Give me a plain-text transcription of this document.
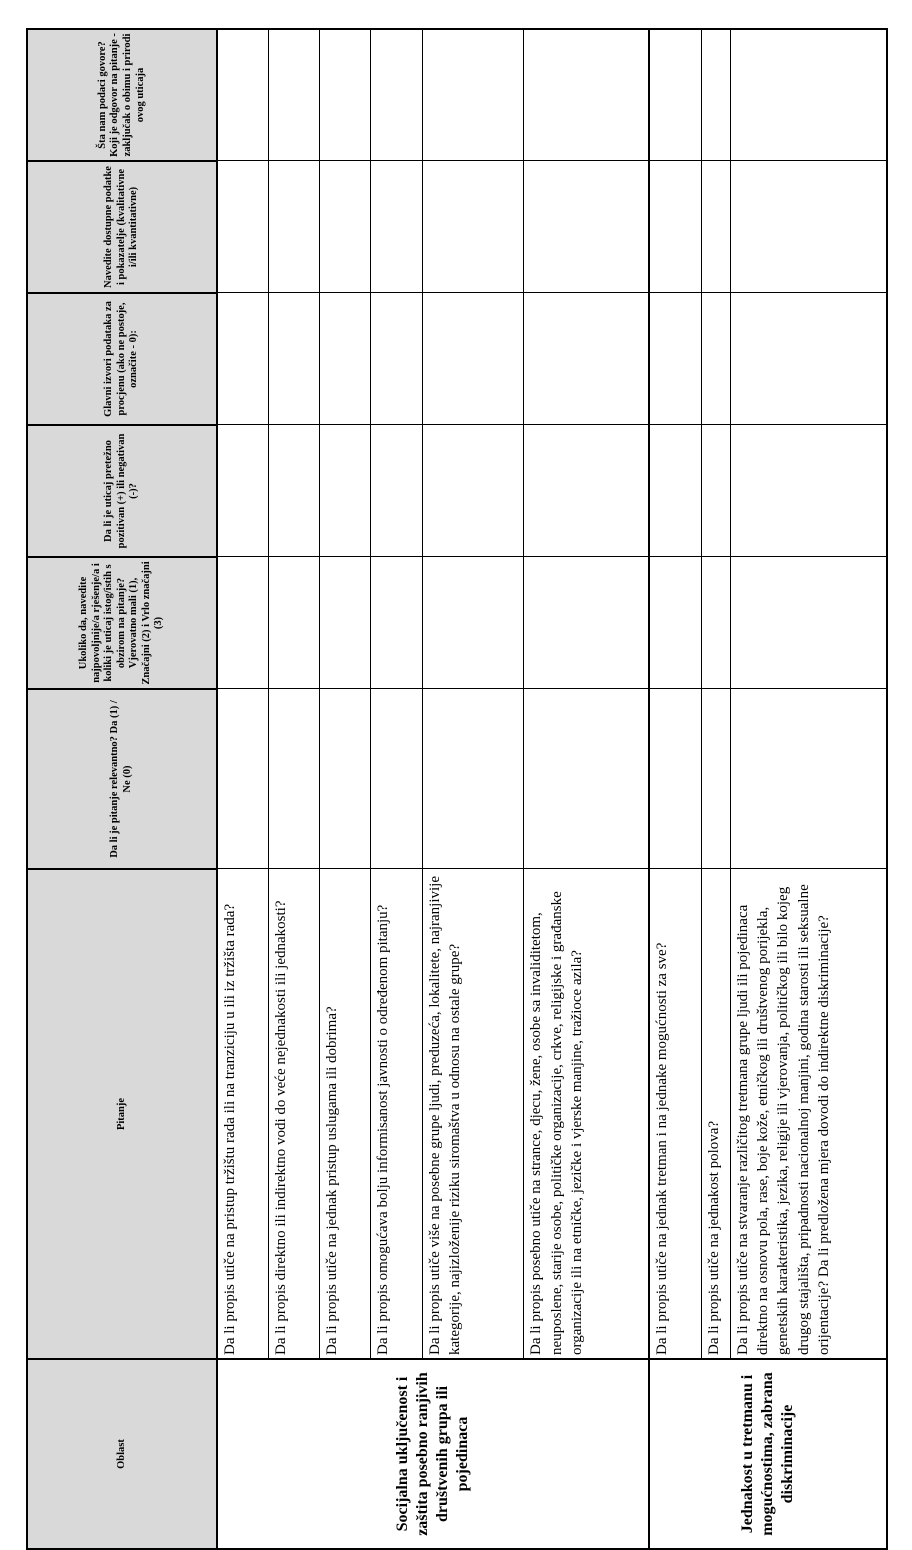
Oblast	Pitanje	Da li je pitanje relevantno? Da (1) / Ne (0)	Ukoliko da, navedite najpovoljnije/a rješenje/a i koliki je uticaj istog/istih s obzirom na pitanje? Vjerovatno mali (1), Značajni (2) i Vrlo značajni (3)	Da li je uticaj pretežno pozitivan (+) ili negativan (-)?	Glavni izvori podataka za procjenu (ako ne postoje, označite - 0):	Navedite dostupne podatke i pokazatelje (kvalitativne i/ili kvantitativne)	Šta nam podaci govore? Koji je odgovor na pitanje - zaključak o obimu i prirodi ovog uticaja
Socijalna uključenost i zaštita posebno ranjivih društvenih grupa ili pojedinaca	Da li propis utiče na pristup tržištu rada ili na tranziciju u ili iz tržišta rada?						
	Da li propis direktno ili indirektno vodi do veće nejednakosti ili jednakosti?						
	Da li propis utiče na jednak pristup uslugama ili dobrima?						
	Da li propis omogućava bolju informisanost javnosti o određenom pitanju?						
	Da li propis utiče više na posebne grupe ljudi, preduzeća, lokalitete, najranjivije kategorije, najizloženije riziku siromaštva u odnosu na ostale grupe?						
	Da li propis posebno utiče na strance, djecu, žene, osobe sa invaliditetom, neuposlene, starije osobe, političke organizacije, crkve, religijske i građanske organizacije ili na etničke, jezičke i vjerske manjine, tražioce azila?						
Jednakost u tretmanu i mogućnostima, zabrana diskriminacije	Da li propis utiče na jednak tretman i na jednake mogućnosti za sve?						
	Da li propis utiče na jednakost polova?						
	Da li propis utiče na stvaranje različitog tretmana grupe ljudi ili pojedinaca direktno na osnovu pola, rase, boje kože, etničkog ili društvenog porijekla, genetskih karakteristika, jezika, religije ili vjerovanja, političkog ili bilo kojeg drugog stajališta, pripadnosti nacionalnoj manjini, godina starosti ili seksualne orijentacije? Da li predložena mjera dovodi do indirektne diskriminacije?						
